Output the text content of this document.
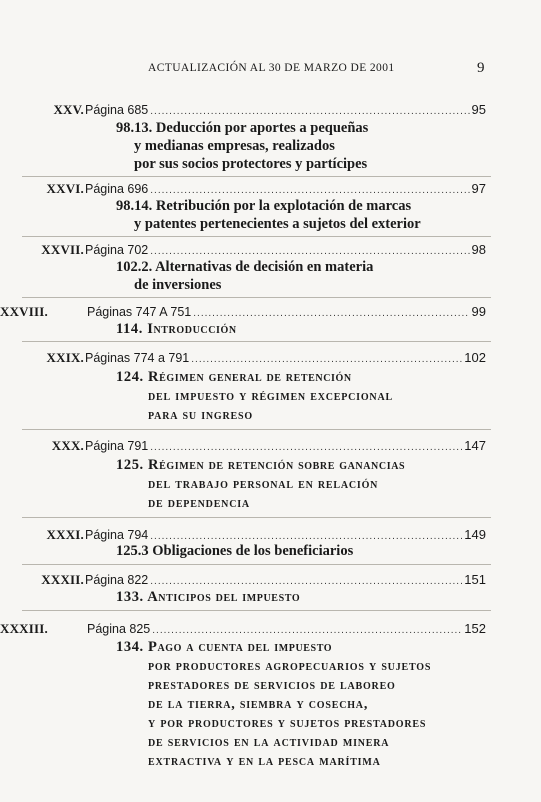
ACTUALIZACIÓN AL 30 DE MARZO DE 2001	9
XXV. Página 685 .....	95
98.13. Deducción por aportes a pequeñas
y medianas empresas, realizados
por sus socios protectores y partícipes
XXVI. Página 696 .....	97
98.14. Retribución por la explotación de marcas
y patentes pertenecientes a sujetos del exterior
XXVII. Página 702 .....	98
102.2. Alternativas de decisión en materia
de inversiones
XXVIII.	Páginas 747 A 751 .....	99
114. Introducción
XXIX. Páginas 774 a 791 .....	102
124. Régimen general de retención
del impuesto y régimen excepcional
para su ingreso
XXX. Página 791 .....	147
125. Régimen de retención sobre ganancias
del trabajo personal en relación
de dependencia
XXXI. Página 794 .....	149
125.3 Obligaciones de los beneficiarios
XXXII. Página 822 .....	151
133. Anticipos del impuesto
XXXIII.	Página 825 .....	152
134. Pago a cuenta del impuesto
por productores agropecuarios y sujetos
prestadores de servicios de laboreo
de la tierra, siembra y cosecha,
y por productores y sujetos prestadores
de servicios en la actividad minera
extractiva y en la pesca marítima
